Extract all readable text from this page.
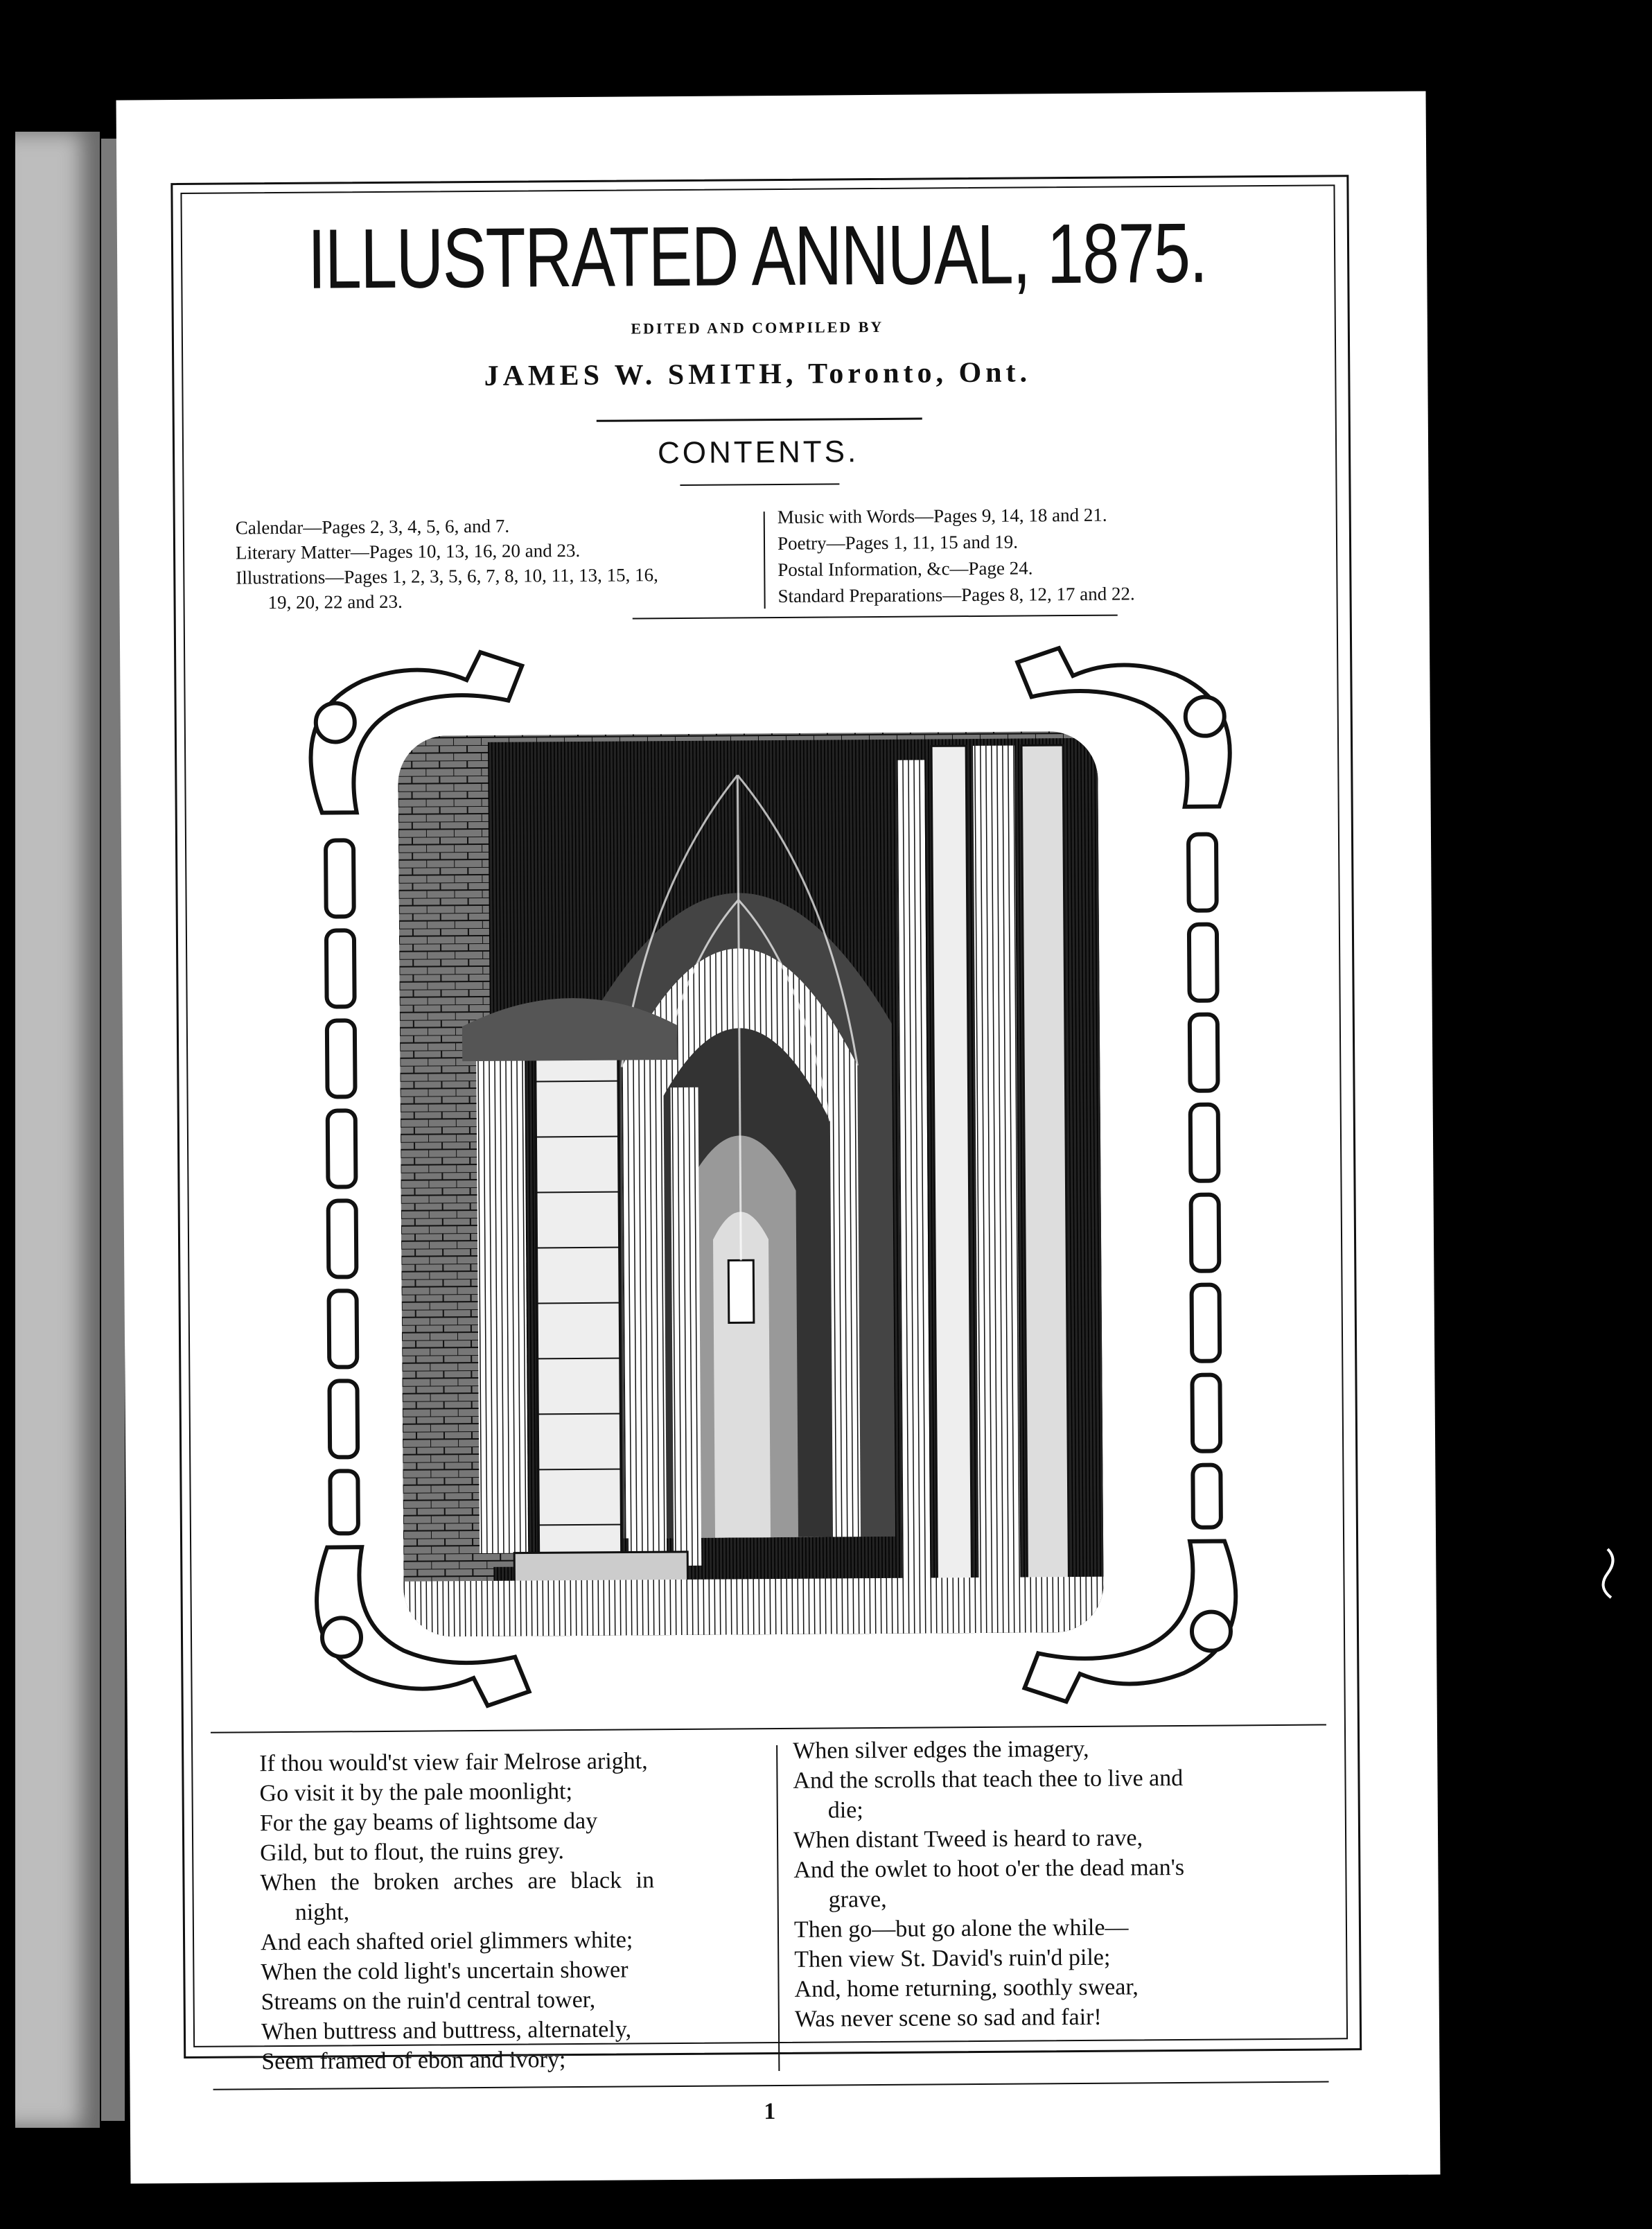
ILLUSTRATED ANNUAL, 1875.
EDITED AND COMPILED BY
JAMES W. SMITH, Toronto, Ont.
CONTENTS.
Calendar—Pages 2, 3, 4, 5, 6, and 7.
Literary Matter—Pages 10, 13, 16, 20 and 23.
Illustrations—Pages 1, 2, 3, 5, 6, 7, 8, 10, 11, 13, 15, 16,
19, 20, 22 and 23.
Music with Words—Pages 9, 14, 18 and 21.
Poetry—Pages 1, 11, 15 and 19.
Postal Information, &c—Page 24.
Standard Preparations—Pages 8, 12, 17 and 22.
If thou would'st view fair Melrose aright,
Go visit it by the pale moonlight;
For the gay beams of lightsome day
Gild, but to flout, the ruins grey.
When the broken arches are black in
night,
And each shafted oriel glimmers white;
When the cold light's uncertain shower
Streams on the ruin'd central tower,
When buttress and buttress, alternately,
Seem framed of ebon and ivory;
When silver edges the imagery,
And the scrolls that teach thee to live and
die;
When distant Tweed is heard to rave,
And the owlet to hoot o'er the dead man's
grave,
Then go—but go alone the while—
Then view St. David's ruin'd pile;
And, home returning, soothly swear,
Was never scene so sad and fair!
1
